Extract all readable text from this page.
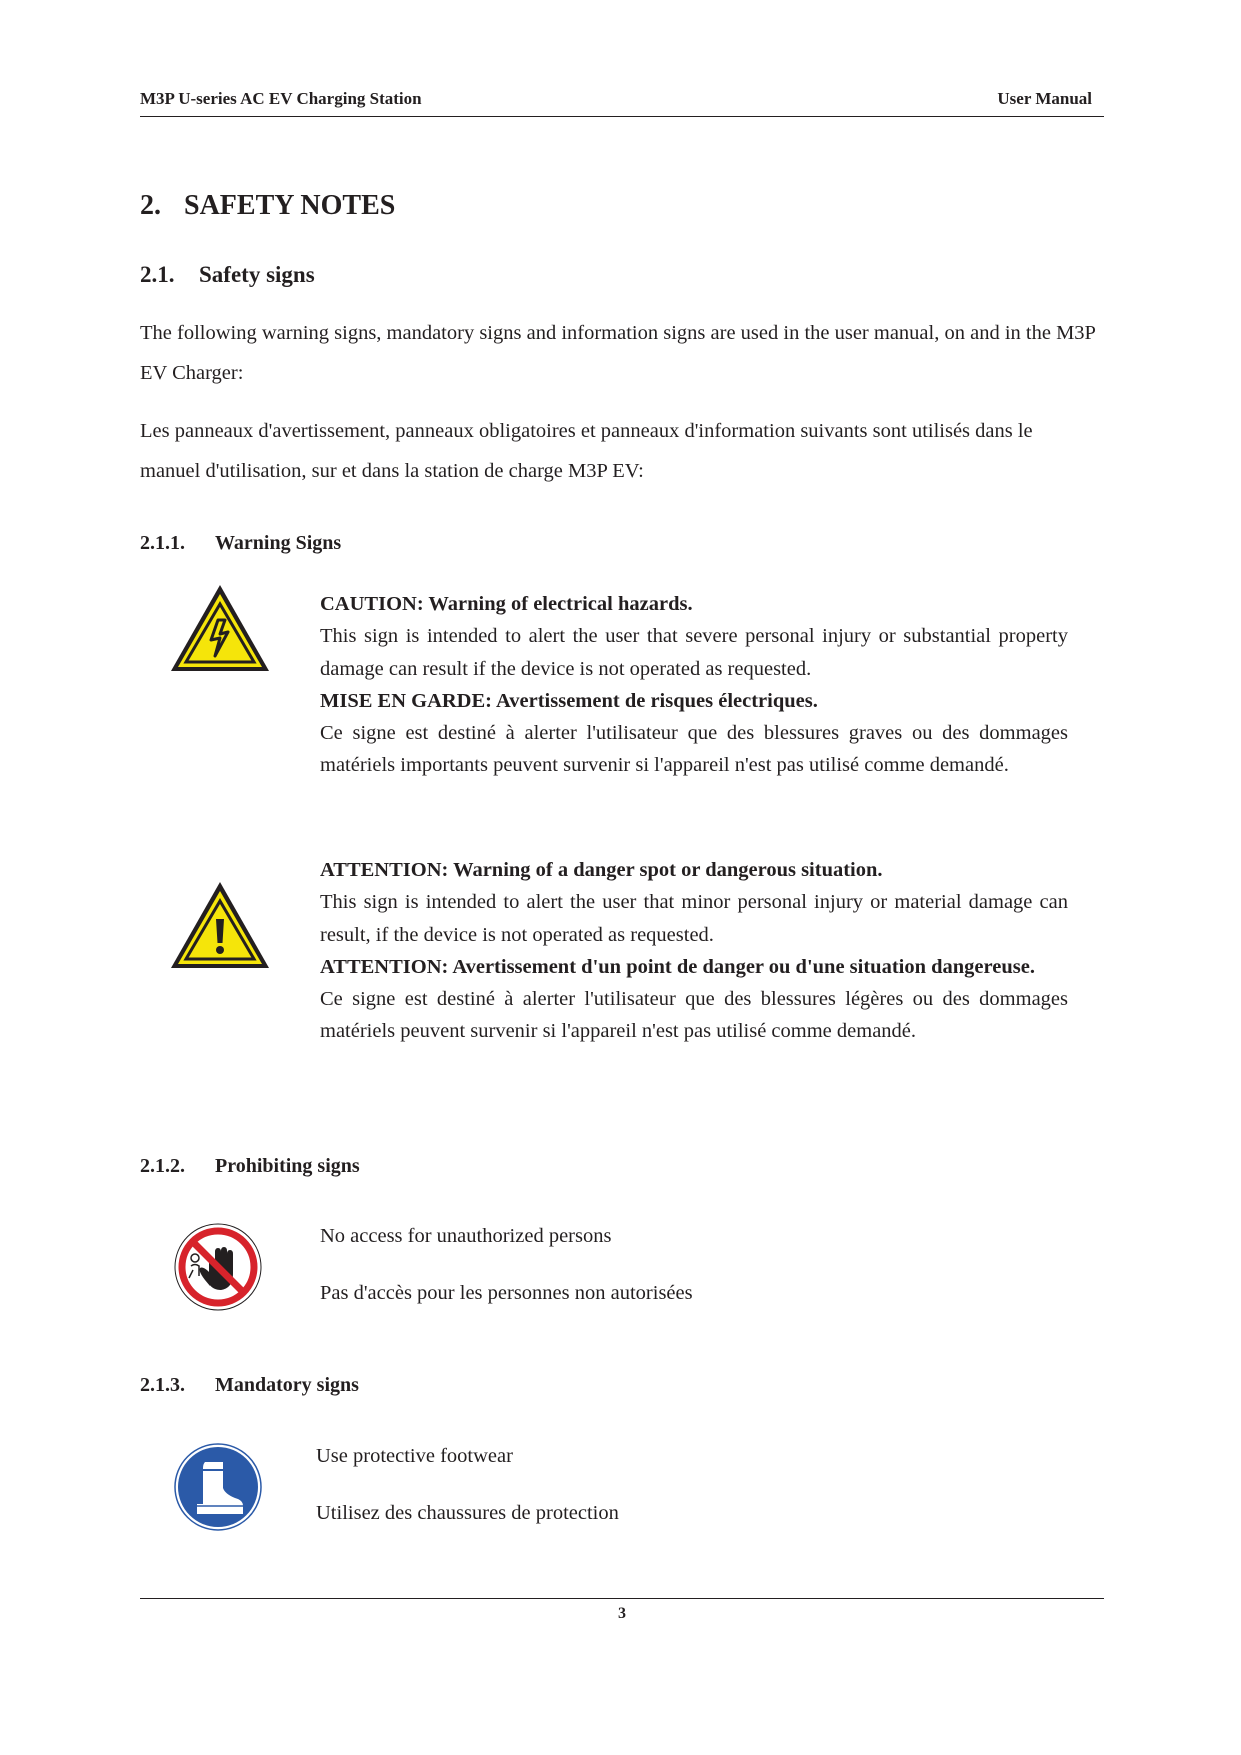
M3P U-series AC EV Charging Station	User Manual
2. SAFETY NOTES
2.1. Safety signs
The following warning signs, mandatory signs and information signs are used in the user manual, on and in the M3P EV Charger:
Les panneaux d'avertissement, panneaux obligatoires et panneaux d'information suivants sont utilisés dans le manuel d'utilisation, sur et dans la station de charge M3P EV:
2.1.1. Warning Signs
CAUTION: Warning of electrical hazards.
This sign is intended to alert the user that severe personal injury or substantial property damage can result if the device is not operated as requested.
MISE EN GARDE: Avertissement de risques électriques.
Ce signe est destiné à alerter l'utilisateur que des blessures graves ou des dommages matériels importants peuvent survenir si l'appareil n'est pas utilisé comme demandé.
ATTENTION: Warning of a danger spot or dangerous situation.
This sign is intended to alert the user that minor personal injury or material damage can result, if the device is not operated as requested.
ATTENTION: Avertissement d'un point de danger ou d'une situation dangereuse.
Ce signe est destiné à alerter l'utilisateur que des blessures légères ou des dommages matériels peuvent survenir si l'appareil n'est pas utilisé comme demandé.
2.1.2. Prohibiting signs
No access for unauthorized persons
Pas d'accès pour les personnes non autorisées
2.1.3. Mandatory signs
Use protective footwear
Utilisez des chaussures de protection
3
